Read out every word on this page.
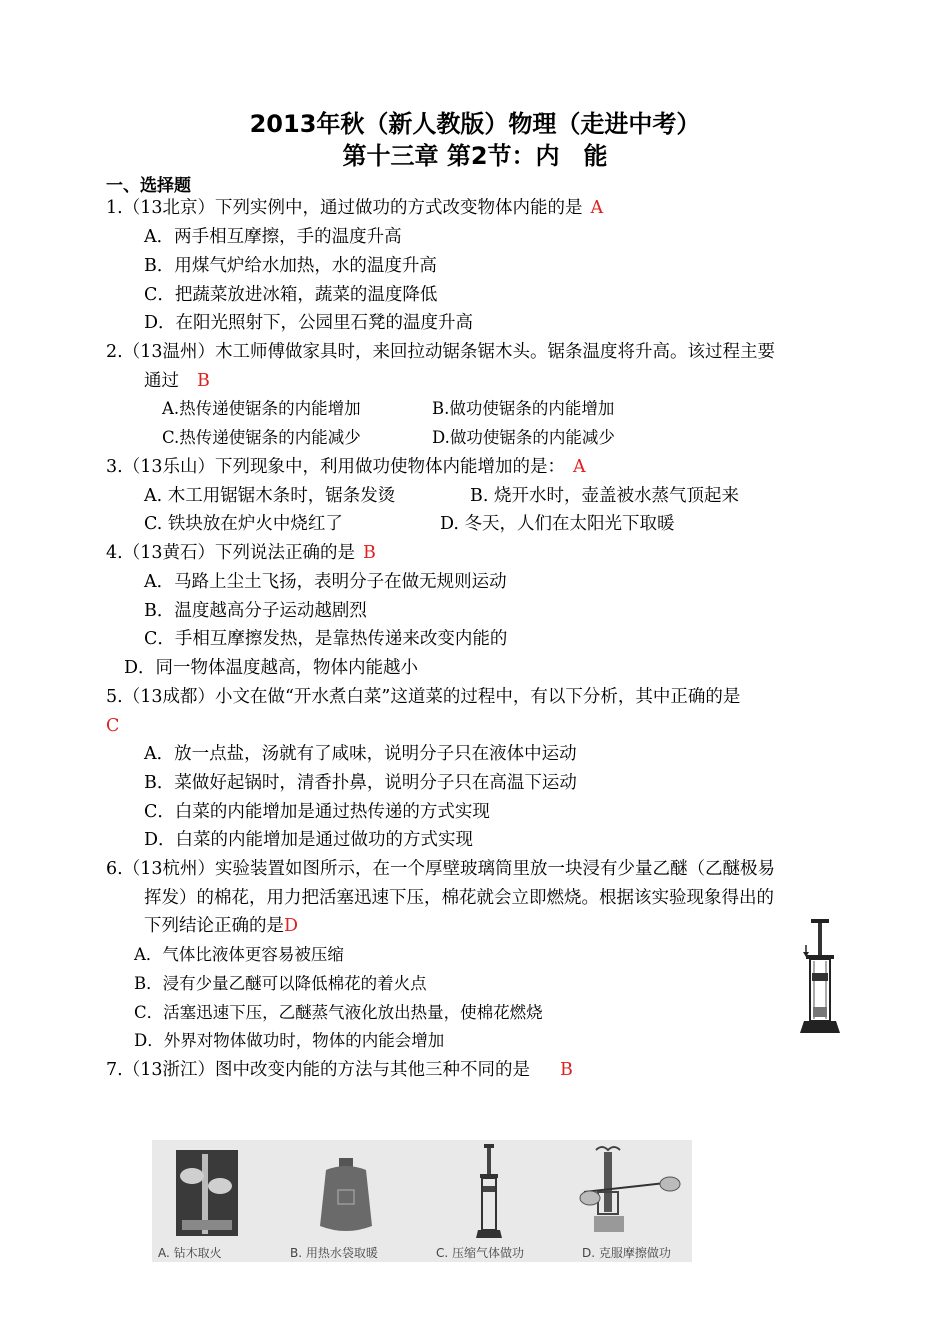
2013年秋（新人教版）物理（走进中考）
第十三章 第2节：内　能
一、选择题
1.（13北京）下列实例中，通过做功的方式改变物体内能的是 A
A．两手相互摩擦，手的温度升高
B．用煤气炉给水加热，水的温度升高
C．把蔬菜放进冰箱，蔬菜的温度降低
D．在阳光照射下，公园里石凳的温度升高
2.（13温州）木工师傅做家具时，来回拉动锯条锯木头。锯条温度将升高。该过程主要
通过 B
A.热传递使锯条的内能增加	B.做功使锯条的内能增加
C.热传递使锯条的内能减少	D.做功使锯条的内能减少
3.（13乐山）下列现象中，利用做功使物体内能增加的是： A
A. 木工用锯锯木条时，锯条发烫	B. 烧开水时，壶盖被水蒸气顶起来
C. 铁块放在炉火中烧红了	D. 冬天，人们在太阳光下取暖
4.（13黄石）下列说法正确的是 B
A．马路上尘土飞扬，表明分子在做无规则运动
B．温度越高分子运动越剧烈
C．手相互摩擦发热，是靠热传递来改变内能的
D．同一物体温度越高，物体内能越小
5.（13成都）小文在做“开水煮白菜”这道菜的过程中，有以下分析，其中正确的是
C
A．放一点盐，汤就有了咸味，说明分子只在液体中运动
B．菜做好起锅时，清香扑鼻，说明分子只在高温下运动
C．白菜的内能增加是通过热传递的方式实现
D．白菜的内能增加是通过做功的方式实现
6.（13杭州）实验装置如图所示，在一个厚壁玻璃筒里放一块浸有少量乙醚（乙醚极易
挥发）的棉花，用力把活塞迅速下压，棉花就会立即燃烧。根据该实验现象得出的
下列结论正确的是D
A．气体比液体更容易被压缩
B．浸有少量乙醚可以降低棉花的着火点
C．活塞迅速下压，乙醚蒸气液化放出热量，使棉花燃烧
D．外界对物体做功时，物体的内能会增加
7.（13浙江）图中改变内能的方法与其他三种不同的是 B
A. 钻木取火	B. 用热水袋取暖	C. 压缩气体做功	D. 克服摩擦做功
